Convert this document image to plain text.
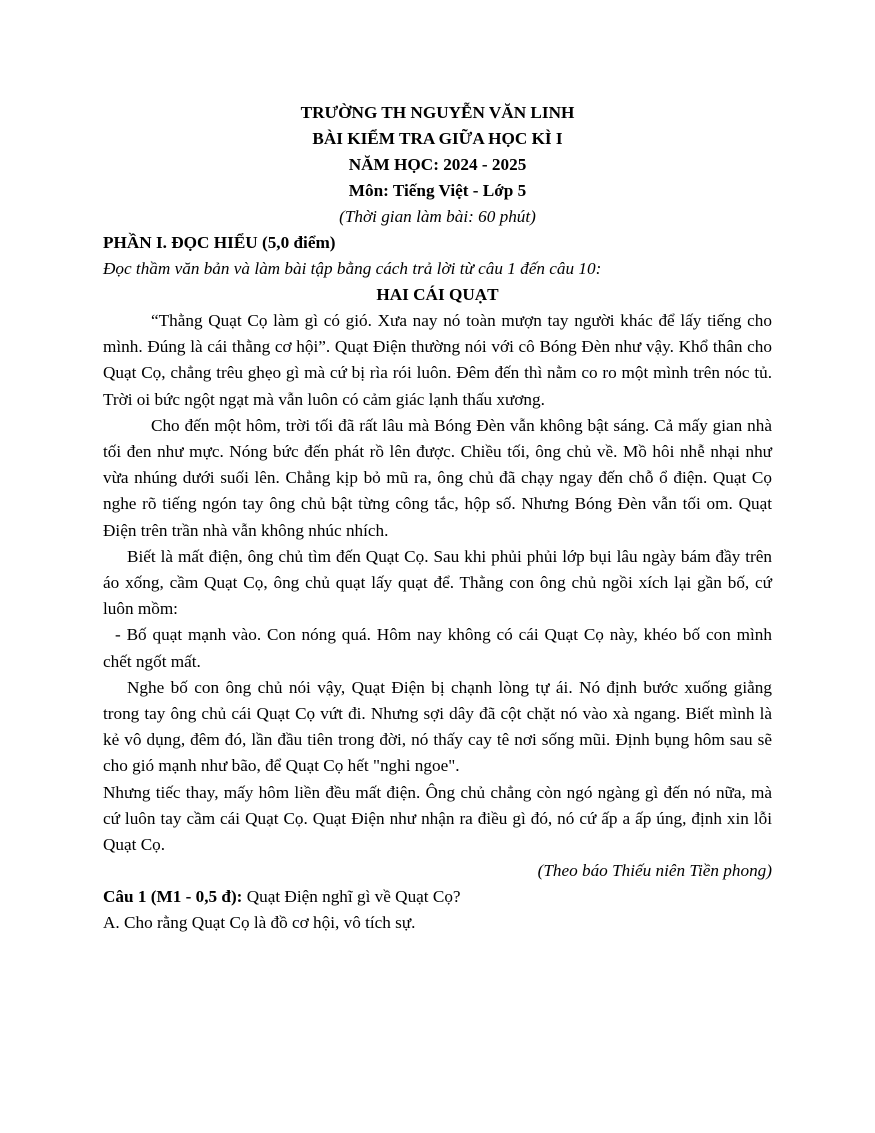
TRƯỜNG TH NGUYỄN VĂN LINH
BÀI KIỂM TRA GIỮA HỌC KÌ I
NĂM HỌC: 2024 - 2025
Môn: Tiếng Việt - Lớp 5
(Thời gian làm bài: 60 phút)
PHẦN I. ĐỌC HIỂU (5,0 điểm)
Đọc thầm văn bản và làm bài tập bằng cách trả lời từ câu 1 đến câu 10:
HAI CÁI QUẠT

“Thằng Quạt Cọ làm gì có gió. Xưa nay nó toàn mượn tay người khác để lấy tiếng cho mình. Đúng là cái thằng cơ hội”. Quạt Điện thường nói với cô Bóng Đèn như vậy. Khổ thân cho Quạt Cọ, chẳng trêu ghẹo gì mà cứ bị rìa rói luôn. Đêm đến thì nằm co ro một mình trên nóc tủ. Trời oi bức ngột ngạt mà vẫn luôn có cảm giác lạnh thấu xương.

Cho đến một hôm, trời tối đã rất lâu mà Bóng Đèn vẫn không bật sáng. Cả mấy gian nhà tối đen như mực. Nóng bức đến phát rồ lên được. Chiều tối, ông chủ về. Mồ hôi nhễ nhại như vừa nhúng dưới suối lên. Chẳng kịp bỏ mũ ra, ông chủ đã chạy ngay đến chỗ ổ điện. Quạt Cọ nghe rõ tiếng ngón tay ông chủ bật từng công tắc, hộp số. Nhưng Bóng Đèn vẫn tối om. Quạt Điện trên trần nhà vẫn không nhúc nhích.

Biết là mất điện, ông chủ tìm đến Quạt Cọ. Sau khi phủi phủi lớp bụi lâu ngày bám đầy trên áo xống, cầm Quạt Cọ, ông chủ quạt lấy quạt để. Thằng con ông chủ ngồi xích lại gần bố, cứ luôn mồm:

- Bố quạt mạnh vào. Con nóng quá. Hôm nay không có cái Quạt Cọ này, khéo bố con mình chết ngốt mất.

Nghe bố con ông chủ nói vậy, Quạt Điện bị chạnh lòng tự ái. Nó định bước xuống giằng trong tay ông chủ cái Quạt Cọ vứt đi. Nhưng sợi dây đã cột chặt nó vào xà ngang. Biết mình là kẻ vô dụng, đêm đó, lần đầu tiên trong đời, nó thấy cay tê nơi sống mũi. Định bụng hôm sau sẽ cho gió mạnh như bão, để Quạt Cọ hết "nghi ngoe".

Nhưng tiếc thay, mấy hôm liền đều mất điện. Ông chủ chẳng còn ngó ngàng gì đến nó nữa, mà cứ luôn tay cầm cái Quạt Cọ. Quạt Điện như nhận ra điều gì đó, nó cứ ấp a ấp úng, định xin lỗi Quạt Cọ.

(Theo báo Thiếu niên Tiền phong)
Câu 1 (M1 - 0,5 đ): Quạt Điện nghĩ gì về Quạt Cọ?
A. Cho rằng Quạt Cọ là đồ cơ hội, vô tích sự.
